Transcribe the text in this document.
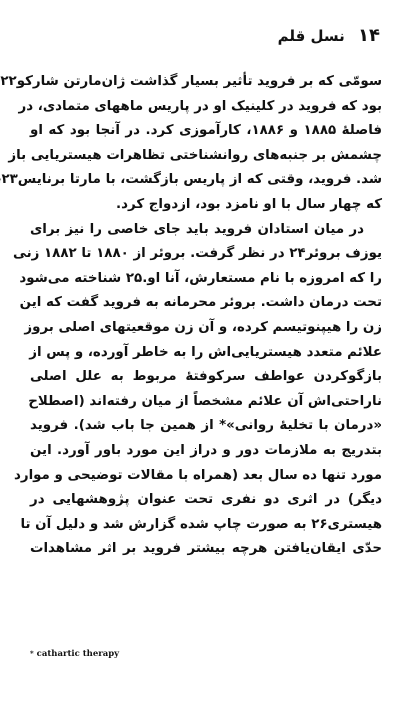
۱۴ نسل قلم
سومّی که بر فروید تأثیر بسیار گذاشت ژان‌مارتن شارکو۲۲
بود که فروید در کلینیک او در پاریس ماههای متمادی، در
فاصلهٔ ۱۸۸۵ و ۱۸۸۶، کارآموزی کرد. در آنجا بود که او
چشمش بر جنبه‌های روانشناختی تظاهرات هیستریایی باز
شد. فروید، وقتی که از پاریس بازگشت، با مارتا برنایس۲۳
که چهار سال با او نامزد بود، ازدواج کرد.
در میان استادان فروید باید جای خاصی را نیز برای
یوزف بروئر۲۴ در نظر گرفت. بروئر از ۱۸۸۰ تا ۱۸۸۲ زنی
را که امروزه با نام مستعارش، آنا او.۲۵ شناخته می‌شود
تحت درمان داشت. بروئر محرمانه به فروید گفت که این
زن را هیپنوتیسم کرده، و آن زن موقعیتهای اصلی بروز
علائم متعدد هیستریایی‌اش را به خاطر آورده، و پس از
بازگوکردن عواطف سرکوفتهٔ مربوط به علل اصلی
ناراحتی‌اش آن علائم مشخصاً از میان رفته‌اند (اصطلاح
«درمان با تخلیهٔ روانی»* از همین جا باب شد). فروید
بتدریج به ملازمات دور و دراز این مورد باور آورد. این
مورد تنها ده سال بعد (همراه با مقالات توضیحی و موارد
دیگر) در اثری دو نفری تحت عنوان پژوهشهایی در
هیستری۲۶ به صورت چاپ شده گزارش شد و دلیل آن تا
حدّی ایقان‌یافتن هرچه بیشتر فروید بر اثر مشاهدات
* cathartic therapy
